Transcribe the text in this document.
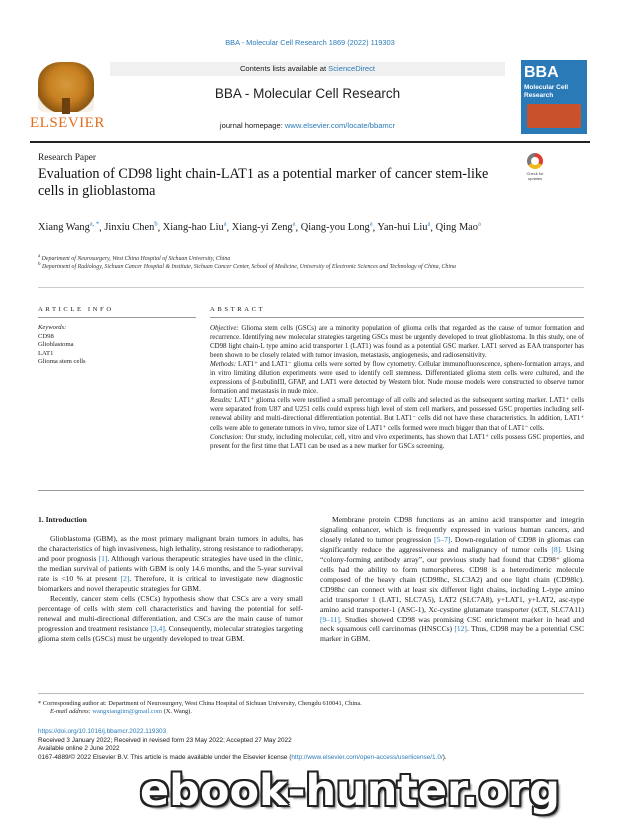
BBA - Molecular Cell Research 1869 (2022) 119303
ELSEVIER
Contents lists available at ScienceDirect
BBA - Molecular Cell Research
journal homepage: www.elsevier.com/locate/bbamcr
BBA
Molecular Cell
Research
Research Paper
Evaluation of CD98 light chain-LAT1 as a potential marker of cancer stem-like cells in glioblastoma
Check for updates
Xiang Wang$^{a, *}$, Jinxiu Chen$^b$, Xiang-hao Liu$^a$, Xiang-yi Zeng$^a$, Qiang-you Long$^a$, Yan-hui Liu$^a$, Qing Mao$^a$
$^a$ Department of Neurosurgery, West China Hospital of Sichuan University, China
$^b$ Department of Radiology, Sichuan Cancer Hospital & Institute, Sichuan Cancer Center, School of Medicine, University of Electronic Sciences and Technology of China, China
ARTICLE INFO	ABSTRACT
Keywords:
CD98
Glioblastoma
LAT1
Glioma stem cells
Objective: Glioma stem cells (GSCs) are a minority population of glioma cells that regarded as the cause of tumor formation and recurrence. Identifying new molecular strategies targeting GSCs must be urgently developed to treat glioblastoma. In this study, one of CD98 light chain-L type amino acid transporter 1 (LAT1) was found as a potential GSC marker. LAT1 served as EAA transporter has been shown to be closely related with tumor invasion, metastasis, angiogenesis, and radiosensitivity.
Methods: LAT1⁺ and LAT1⁻ glioma cells were sorted by flow cytometry. Cellular immunofluorescence, sphere-formation arrays, and in vitro limiting dilution experiments were used to identify cell stemness. Differentiated glioma stem cells were cultured, and the expressions of β-tubulinIII, GFAP, and LAT1 were detected by Western blot. Nude mouse models were constructed to observe tumor formation and metastasis in nude mice.
Results: LAT1⁺ glioma cells were testified a small percentage of all cells and selected as the subsequent sorting marker. LAT1⁺ cells were separated from U87 and U251 cells could express high level of stem cell markers, and possessed GSC properties including self-renewal ability and multi-directional differentiation potential. But LAT1⁻ cells did not have these characteristics. In addition, LAT1⁺ cells were able to generate tumors in vivo, tumor size of LAT1⁺ cells formed were much bigger than that of LAT1⁻ cells.
Conclusion: Our study, including molecular, cell, vitro and vivo experiments, has shown that LAT1⁺ cells possess GSC properties, and present for the first time that LAT1 can be used as a new marker for GSCs screening.
1. Introduction

Glioblastoma (GBM), as the most primary malignant brain tumors in adults, has the characteristics of high invasiveness, high lethality, strong resistance to radiotherapy, and poor prognosis [1]. Although various therapeutic strategies have used in the clinic, the median survival of patients with GBM is only 14.6 months, and the 5-year survival rate is <10 % at present [2]. Therefore, it is critical to investigate new diagnostic biomarkers and novel therapeutic strategies for GBM.

Recently, cancer stem cells (CSCs) hypothesis show that CSCs are a very small percentage of cells with stem cell characteristics and having the potential for self-renewal and multi-directional differentiation, and CSCs are the main cause of tumor progression and treatment resistance [3,4]. Consequently, molecular strategies targeting glioma stem cells (GSCs) must be urgently developed to treat GBM.

Membrane protein CD98 functions as an amino acid transporter and integrin signaling enhancer, which is frequently expressed in various human cancers, and closely related to tumor progression [5–7]. Down-regulation of CD98 in gliomas can significantly reduce the aggressiveness and malignancy of tumor cells [8]. Using “colony-forming antibody array”, our previous study had found that CD98⁺ glioma cells had the ability to form tumorspheres. CD98 is a heterodimeric molecule composed of the heavy chain (CD98hc, SLC3A2) and one light chain (CD98lc). CD98hc can connect with at least six different light chains, including L-type amino acid transporter 1 (LAT1, SLC7A5), LAT2 (SLC7A8), y+LAT1, y+LAT2, asc-type amino acid transporter-1 (ASC-1), Xc-cystine glutamate transporter (xCT, SLC7A11) [9–11]. Studies showed CD98 was promising CSC enrichment marker in head and neck squamous cell carcinomas (HNSCCs) [12]. Thus, CD98 may be a potential CSC marker in GBM.

* Corresponding author at: Department of Neurosurgery, West China Hospital of Sichuan University, Chengdu 610041, China.
E-mail address: wangxiangtim@gmail.com (X. Wang).
https://doi.org/10.1016/j.bbamcr.2022.119303
Received 3 January 2022; Received in revised form 23 May 2022; Accepted 27 May 2022
Available online 2 June 2022
0167-4889/© 2022 Elsevier B.V. This article is made available under the Elsevier license (http://www.elsevier.com/open-access/userlicense/1.0/).
ebook-hunter.org
